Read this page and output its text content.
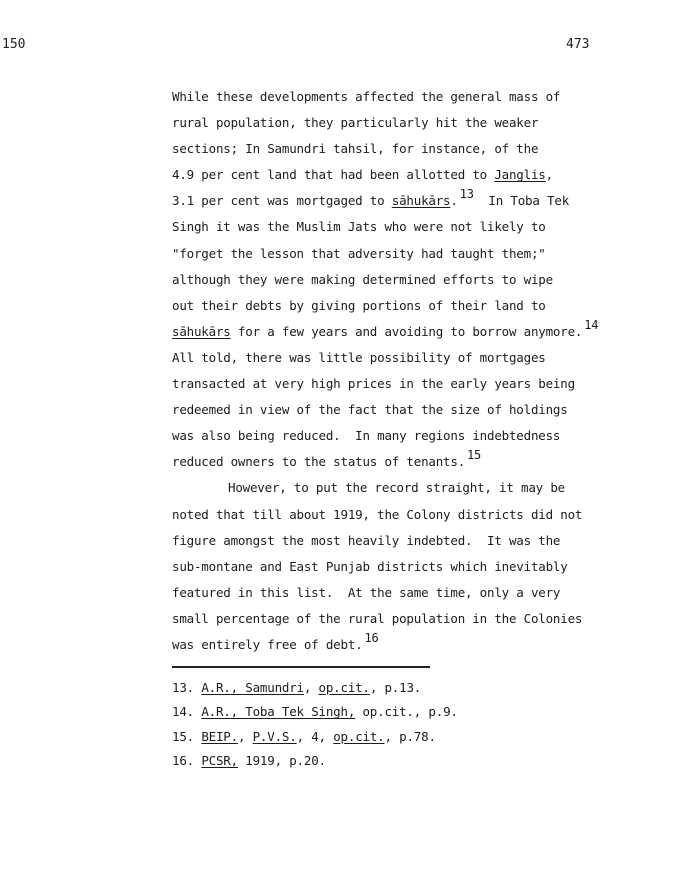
150	473
While these developments affected the general mass of
rural population, they particularly hit the weaker
sections; In Samundri tahsil, for instance, of the
4.9 per cent land that had been allotted to Janglis,
3.1 per cent was mortgaged to sāhukārs. 13  In Toba Tek
Singh it was the Muslim Jats who were not likely to
"forget the lesson that adversity had taught them;"
although they were making determined efforts to wipe
out their debts by giving portions of their land to
sāhukārs for a few years and avoiding to borrow anymore. 14
All told, there was little possibility of mortgages
transacted at very high prices in the early years being
redeemed in view of the fact that the size of holdings
was also being reduced.  In many regions indebtedness
reduced owners to the status of tenants. 15
However, to put the record straight, it may be
noted that till about 1919, the Colony districts did not
figure amongst the most heavily indebted.  It was the
sub-montane and East Punjab districts which inevitably
featured in this list.  At the same time, only a very
small percentage of the rural population in the Colonies
was entirely free of debt. 16
13. A.R., Samundri, op.cit., p.13.
14. A.R., Toba Tek Singh, op.cit., p.9.
15. BEIP., P.V.S., 4, op.cit., p.78.
16. PCSR, 1919, p.20.
